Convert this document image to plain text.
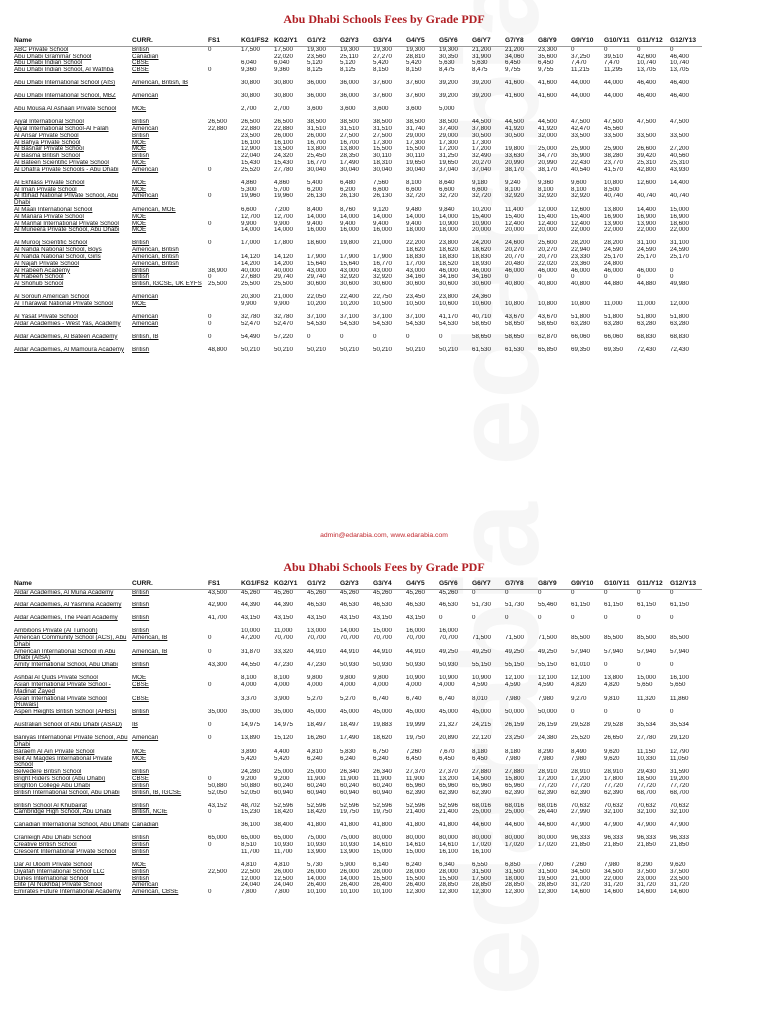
Abu Dhabi Schools Fees by Grade PDF
Name	CURR.	FS1	KG1/FS2	KG2/Y1	G1/Y2	G2/Y3	G3/Y4	G4/Y5	G5/Y6	G6/Y7	G7/Y8	G8/Y9	G9/Y10	G10/Y11	G11/Y12	G12/Y13
ABC Private School	British	0	17,500	17,500	19,300	19,300	19,300	19,300	19,300	21,200	21,200	23,300	0	0	0	0
Abu Dhabi Grammar School	Canadian			22,020	23,560	25,110	27,270	28,810	30,350	31,900	34,060	35,600	37,250	39,510	42,600	46,400
Abu Dhabi Indian School	CBSE		6,040	6,040	5,120	5,120	5,420	5,420	5,630	5,630	6,450	6,450	7,470	7,470	10,740	10,740
Abu Dhabi Indian School, Al Wathba	CBSE	0	9,360	9,360	8,125	8,125	8,150	8,150	8,475	8,475	9,755	9,755	11,215	11,295	13,705	13,705
Abu Dhabi International School (AIS)	American, British, IB		30,800	30,800	36,000	36,000	37,600	37,600	39,200	39,200	41,600	41,600	44,000	44,000	46,400	46,400
Abu Dhabi International School, MBZ	American		30,800	30,800	36,000	36,000	37,600	37,600	39,200	39,200	41,600	41,600	44,000	44,000	46,400	46,400
Abu Mousa Al Ashaari Private School	MOE		2,700	2,700	3,600	3,600	3,600	3,600	5,000							
Ajyal International School	British	26,500	26,500	26,500	38,500	38,500	38,500	38,500	38,500	44,500	44,500	44,500	47,500	47,500	47,500	47,500
Ajyal International School-Al Falah	American	22,880	22,880	22,880	31,510	31,510	31,510	31,740	37,400	37,800	41,920	41,920	42,470	45,560		
Al Ansar Private School	British		23,500	26,000	26,000	27,500	27,500	29,000	29,000	30,500	30,500	32,000	33,500	33,500	33,500	33,500
Al Bahya Private School	MOE		16,100	16,100	16,700	16,700	17,300	17,300	17,300	17,300						
Al Bashair Private School	MOE		12,900	13,500	13,800	13,800	15,500	15,500	17,200	17,200	19,800	25,000	25,900	25,900	26,600	27,200
Al Basma British School	British		22,040	24,320	25,450	28,350	30,110	30,110	31,250	32,490	33,630	34,770	35,900	38,280	39,420	40,560
Al Bateen Scientific Private School	MOE		15,430	15,430	16,770	17,490	18,310	19,650	19,650	20,270	20,990	20,990	22,430	23,770	25,310	25,310
Al Dhafra Private Schools - Abu Dhabi	American	0	25,520	27,780	30,040	30,040	30,040	30,040	37,040	37,040	38,170	38,170	40,540	41,570	42,800	43,930
Al Ekhlass Private School	MOE		4,860	4,860	5,400	6,480	7,560	8,100	8,640	9,180	9,240	9,360	9,600	10,800	12,600	14,400
Al Iman Private School	MOE		5,300	5,700	6,200	6,200	6,600	6,600	6,600	6,600	8,100	8,100	8,100	8,500		
Al Ittihad National Private School, Abu Dhabi	American	0	19,960	19,960	26,130	26,130	26,130	32,720	32,720	32,720	32,920	32,920	32,920	40,740	40,740	40,740
Al Maali International School	American, MOE		6,600	7,200	8,400	8,760	9,120	9,480	9,840	10,200	11,400	12,000	12,600	13,800	14,400	15,000
Al Manara Private School	MOE		12,700	12,700	14,000	14,000	14,000	14,000	14,000	15,400	15,400	15,400	15,400	16,900	16,900	16,900
Al Manhal International Private School	MOE	0	9,900	9,900	9,400	9,400	9,400	9,400	10,900	10,900	12,400	12,400	12,400	13,900	13,900	18,600
Al Muneera Private School, Abu Dhabi	MOE		14,000	14,000	16,000	16,000	16,000	18,000	18,000	20,000	20,000	20,000	22,000	22,000	22,000	22,000
Al Murooj Scientific School	British	0	17,000	17,800	18,600	19,800	21,000	22,200	23,800	24,200	24,600	25,600	28,200	28,200	31,100	31,100
Al Nahda National School, Boys	American, British							18,620	18,620	18,620	20,270	20,270	22,940	24,590	24,590	24,590
Al Nahda National School, Girls	American, British		14,120	14,120	17,900	17,900	17,900	18,830	18,830	18,830	20,770	20,770	23,330	25,170	25,170	25,170
Al Najah Private School	American, British		14,200	14,200	15,640	15,640	16,770	17,700	18,520	18,930	20,480	22,020	23,360	24,800		
Al Rabeeh Academy	British	38,900	40,000	40,000	43,000	43,000	43,000	43,000	46,000	46,000	46,000	46,000	46,000	46,000	46,000	0
Al Rabeeh School	British	0	27,680	29,740	29,740	32,920	32,920	34,160	34,160	34,160	0	0	0	0	0	0
Al Shohub School	British, IGCSE, UK EYFS	25,500	25,500	25,500	30,600	30,600	30,600	30,600	30,600	30,600	40,800	40,800	40,800	44,880	44,880	49,980
Al Sorouh American School	American		20,300	21,000	22,050	22,400	22,750	23,450	23,800	24,360						
Al Tharawat National Private School	MOE		9,900	9,900	10,200	10,200	10,500	10,500	10,600	10,600	10,800	10,800	10,800	11,000	11,000	12,000
Al Yasat Private School	American	0	32,780	32,780	37,100	37,100	37,100	37,100	41,170	40,710	43,670	43,670	51,800	51,800	51,800	51,800
Aldar Academies - West Yas, Academy	American	0	52,470	52,470	54,530	54,530	54,530	54,530	54,530	58,650	58,650	58,650	63,280	63,280	63,280	63,280
Aldar Academies, Al Bateen Academy	British, IB	0	54,490	57,220	0	0	0	0	0	58,650	58,650	62,870	66,060	66,060	68,830	68,830
Aldar Academies, Al Mamoura Academy	British	48,800	50,210	50,210	50,210	50,210	50,210	50,210	50,210	61,530	61,530	65,850	69,350	69,350	72,430	72,430
admin@edarabia.com, www.edarabia.com
Abu Dhabi Schools Fees by Grade PDF
Name	CURR.	FS1	KG1/FS2	KG2/Y1	G1/Y2	G2/Y3	G3/Y4	G4/Y5	G5/Y6	G6/Y7	G7/Y8	G8/Y9	G9/Y10	G10/Y11	G11/Y12	G12/Y13
Aldar Academies, Al Muna Academy	British	43,500	45,260	45,260	45,260	45,260	45,260	45,260	45,260	0	0	0	0	0	0	0
Aldar Academies, Al Yasmina Academy	British	42,900	44,390	44,390	46,530	46,530	46,530	46,530	46,530	51,730	51,730	55,460	61,150	61,150	61,150	61,150
Aldar Academies, The Pearl Academy	British	41,700	43,150	43,150	43,150	43,150	43,150	43,150	0	0	0	0	0	0	0	0
Ambitions Private (Al Tumooh)	British		10,000	11,000	13,000	14,000	15,000	16,000	16,000							
American Community School (ACS), Abu Dhabi	American, IB	0	47,200	70,700	70,700	70,700	70,700	70,700	70,700	71,500	71,500	71,500	85,500	85,500	85,500	85,500
American International School in Abu Dhabi (AISA)	American, IB	0	31,870	33,320	44,910	44,910	44,910	44,910	49,250	49,250	49,250	49,250	57,940	57,940	57,940	57,940
Amity International School, Abu Dhabi	British	43,300	44,550	47,230	47,230	50,930	50,930	50,930	50,930	55,150	55,150	55,150	61,010	0	0	0
Ashbal Al Quds Private School	MOE		8,100	8,100	9,800	9,800	9,800	10,900	10,900	10,900	12,100	12,100	12,100	13,800	15,000	16,100
Asian International Private School - Madinat Zayed	CBSE	0	4,000	4,000	4,000	4,000	4,000	4,000	4,000	4,590	4,590	4,590	4,820	4,820	5,650	5,650
Asian International Private School (Ruwais)	CBSE		3,370	3,900	5,270	5,270	6,740	6,740	6,740	8,010	7,980	7,980	9,270	9,810	11,320	11,860
Aspen Heights British School (AHBS)	British	35,000	35,000	35,000	45,000	45,000	45,000	45,000	45,000	45,000	50,000	50,000	0	0	0	0
Australian School of Abu Dhabi (ASAD)	IB	0	14,975	14,975	18,497	18,497	19,883	19,999	21,327	24,215	26,159	26,159	29,528	29,528	35,534	35,534
Baniyas International Private School, Abu Dhabi	American	0	13,890	15,120	16,260	17,490	18,620	19,750	20,890	22,120	23,250	24,380	25,520	26,650	27,780	29,120
Baraem Al Ain Private School	MOE		3,890	4,400	4,810	5,830	6,750	7,260	7,670	8,180	8,180	8,290	8,490	9,620	11,150	12,790
Beit Al Maqdes International Private School	MOE		5,420	5,420	6,240	6,240	6,240	6,450	6,450	6,450	7,980	7,980	7,980	9,620	10,330	11,050
Belvedere British School	British		24,280	25,000	25,000	26,340	26,340	27,370	27,370	27,880	27,880	28,910	28,910	28,910	29,430	31,590
Bright Riders School (Abu Dhabi)	CBSE	0	9,200	9,200	11,900	11,900	11,900	11,900	13,200	14,500	15,800	17,200	17,200	17,800	18,500	19,200
Brighton College Abu Dhabi	British	50,880	50,880	60,240	60,240	60,240	60,240	65,960	65,960	65,960	65,960	77,720	77,720	77,720	77,720	77,720
British International School, Abu Dhabi	British, IB, IGCSE	52,050	52,050	60,940	60,940	60,940	60,940	62,390	62,390	62,390	62,390	62,390	62,390	62,390	68,700	68,700
British School Al Khubairat	British	43,152	48,702	52,596	52,596	52,596	52,596	52,596	52,596	68,016	68,016	68,016	70,632	70,632	70,632	70,632
Cambridge High School, Abu Dhabi	British, NCIE	0	15,230	18,420	18,420	19,750	19,750	21,400	21,400	25,000	25,000	26,440	27,990	32,100	32,100	32,100
Canadian International School, Abu Dhabi	Canadian		36,100	38,400	41,800	41,800	41,800	41,800	41,800	44,600	44,600	44,600	47,900	47,900	47,900	47,900
Cranleigh Abu Dhabi School	British	65,000	65,000	65,000	75,000	75,000	80,000	80,000	80,000	80,000	80,000	80,000	96,333	96,333	96,333	96,333
Creative British School	British	0	8,510	10,930	10,930	10,930	14,610	14,610	14,610	17,020	17,020	17,020	21,850	21,850	21,850	21,850
Crescent International Private School	British		11,700	11,700	13,900	13,900	15,000	15,000	16,100	16,100						
Dar Al Uloom Private School	MOE		4,810	4,810	5,730	5,900	6,140	6,240	6,340	6,550	6,850	7,060	7,260	7,980	8,290	9,620
Diyafah International School LLC	British	22,500	22,500	26,000	26,000	26,000	28,000	28,000	28,000	31,500	31,500	31,500	34,500	34,500	37,500	37,500
Dunes International School	British		12,000	12,500	14,000	14,000	15,500	15,500	15,500	17,500	18,000	19,500	21,000	22,000	23,000	23,500
Elite (Al Nukhba) Private School	American		24,040	24,040	26,400	26,400	26,400	26,400	28,850	28,850	28,850	28,850	31,720	31,720	31,720	31,720
Emirates Future International Academy	American, CBSE	0	7,800	7,800	10,100	10,100	10,100	12,300	12,300	12,300	12,300	12,300	14,600	14,600	14,600	14,600
